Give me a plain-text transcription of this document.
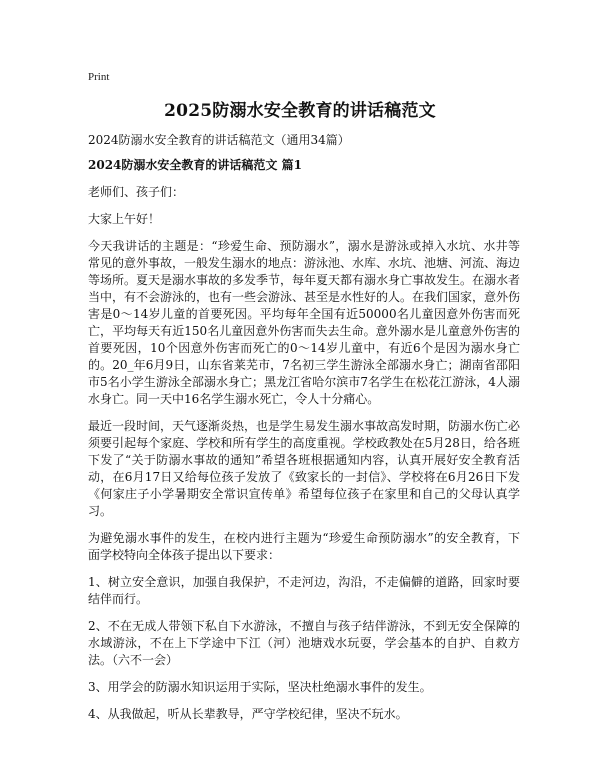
Print
2025防溺水安全教育的讲话稿范文

2024防溺水安全教育的讲话稿范文（通用34篇）

2024防溺水安全教育的讲话稿范文 篇1

老师们、孩子们：

大家上午好！

今天我讲话的主题是：“珍爱生命、预防溺水”，溺水是游泳或掉入水坑、水井等常见的意外事故，一般发生溺水的地点：游泳池、水库、水坑、池塘、河流、海边等场所。夏天是溺水事故的多发季节，每年夏天都有溺水身亡事故发生。在溺水者当中，有不会游泳的，也有一些会游泳、甚至是水性好的人。在我们国家，意外伤害是0～14岁儿童的首要死因。平均每年全国有近50000名儿童因意外伤害而死亡，平均每天有近150名儿童因意外伤害而失去生命。意外溺水是儿童意外伤害的首要死因，10个因意外伤害而死亡的0～14岁儿童中，有近6个是因为溺水身亡的。20_年6月9日，山东省莱芜市，7名初三学生游泳全部溺水身亡；湖南省邵阳市5名小学生游泳全部溺水身亡；黑龙江省哈尔滨市7名学生在松花江游泳，4人溺水身亡。同一天中16名学生溺水死亡，令人十分痛心。

最近一段时间，天气逐渐炎热，也是学生易发生溺水事故高发时期，防溺水伤亡必须要引起每个家庭、学校和所有学生的高度重视。学校政教处在5月28日，给各班下发了“关于防溺水事故的通知”希望各班根据通知内容，认真开展好安全教育活动，在6月17日又给每位孩子发放了《致家长的一封信》、学校将在6月26日下发《何家庄子小学暑期安全常识宣传单》希望每位孩子在家里和自己的父母认真学习。

为避免溺水事件的发生，在校内进行主题为“珍爱生命预防溺水”的安全教育，下面学校特向全体孩子提出以下要求：

1、树立安全意识，加强自我保护，不走河边，沟沿，不走偏僻的道路，回家时要结伴而行。

2、不在无成人带领下私自下水游泳，不擅自与孩子结伴游泳，不到无安全保障的水域游泳，不在上下学途中下江（河）池塘戏水玩耍，学会基本的自护、自救方法。（六不一会）

3、用学会的防溺水知识运用于实际，坚决杜绝溺水事件的发生。

4、从我做起，听从长辈教导，严守学校纪律，坚决不玩水。
